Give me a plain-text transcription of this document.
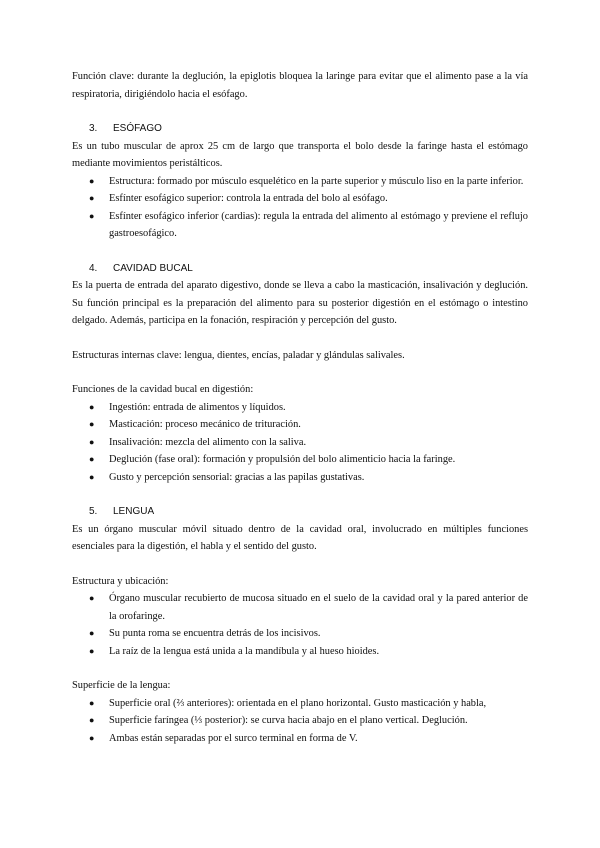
Función clave: durante la deglución, la epiglotis bloquea la laringe para evitar que el alimento pase a la vía respiratoria, dirigiéndolo hacia el esófago.

3.	ESÓFAGO

Es un tubo muscular de aprox 25 cm de largo que transporta el bolo desde la faringe hasta el estómago mediante movimientos peristálticos.

● Estructura: formado por músculo esquelético en la parte superior y músculo liso en la parte inferior.
● Esfínter esofágico superior: controla la entrada del bolo al esófago.
● Esfínter esofágico inferior (cardias): regula la entrada del alimento al estómago y previene el reflujo gastroesofágico.
4.	CAVIDAD BUCAL

Es la puerta de entrada del aparato digestivo, donde se lleva a cabo la masticación, insalivación y deglución. Su función principal es la preparación del alimento para su posterior digestión en el estómago o intestino delgado. Además, participa en la fonación, respiración y percepción del gusto.

Estructuras internas clave: lengua, dientes, encías, paladar y glándulas salivales.

Funciones de la cavidad bucal en digestión:

● Ingestión: entrada de alimentos y líquidos.
● Masticación: proceso mecánico de trituración.
● Insalivación: mezcla del alimento con la saliva.
● Deglución (fase oral): formación y propulsión del bolo alimenticio hacia la faringe.
● Gusto y percepción sensorial: gracias a las papilas gustativas.
5.	LENGUA

Es un órgano muscular móvil situado dentro de la cavidad oral, involucrado en múltiples funciones esenciales para la digestión, el habla y el sentido del gusto.

Estructura y ubicación:

● Órgano muscular recubierto de mucosa situado en el suelo de la cavidad oral y la pared anterior de la orofaringe.
● Su punta roma se encuentra detrás de los incisivos.
● La raíz de la lengua está unida a la mandíbula y al hueso hioides.

Superficie de la lengua:

● Superficie oral (⅔ anteriores): orientada en el plano horizontal. Gusto masticación y habla,
● Superficie faríngea (⅓ posterior): se curva hacia abajo en el plano vertical. Deglución.
● Ambas están separadas por el surco terminal en forma de V.
